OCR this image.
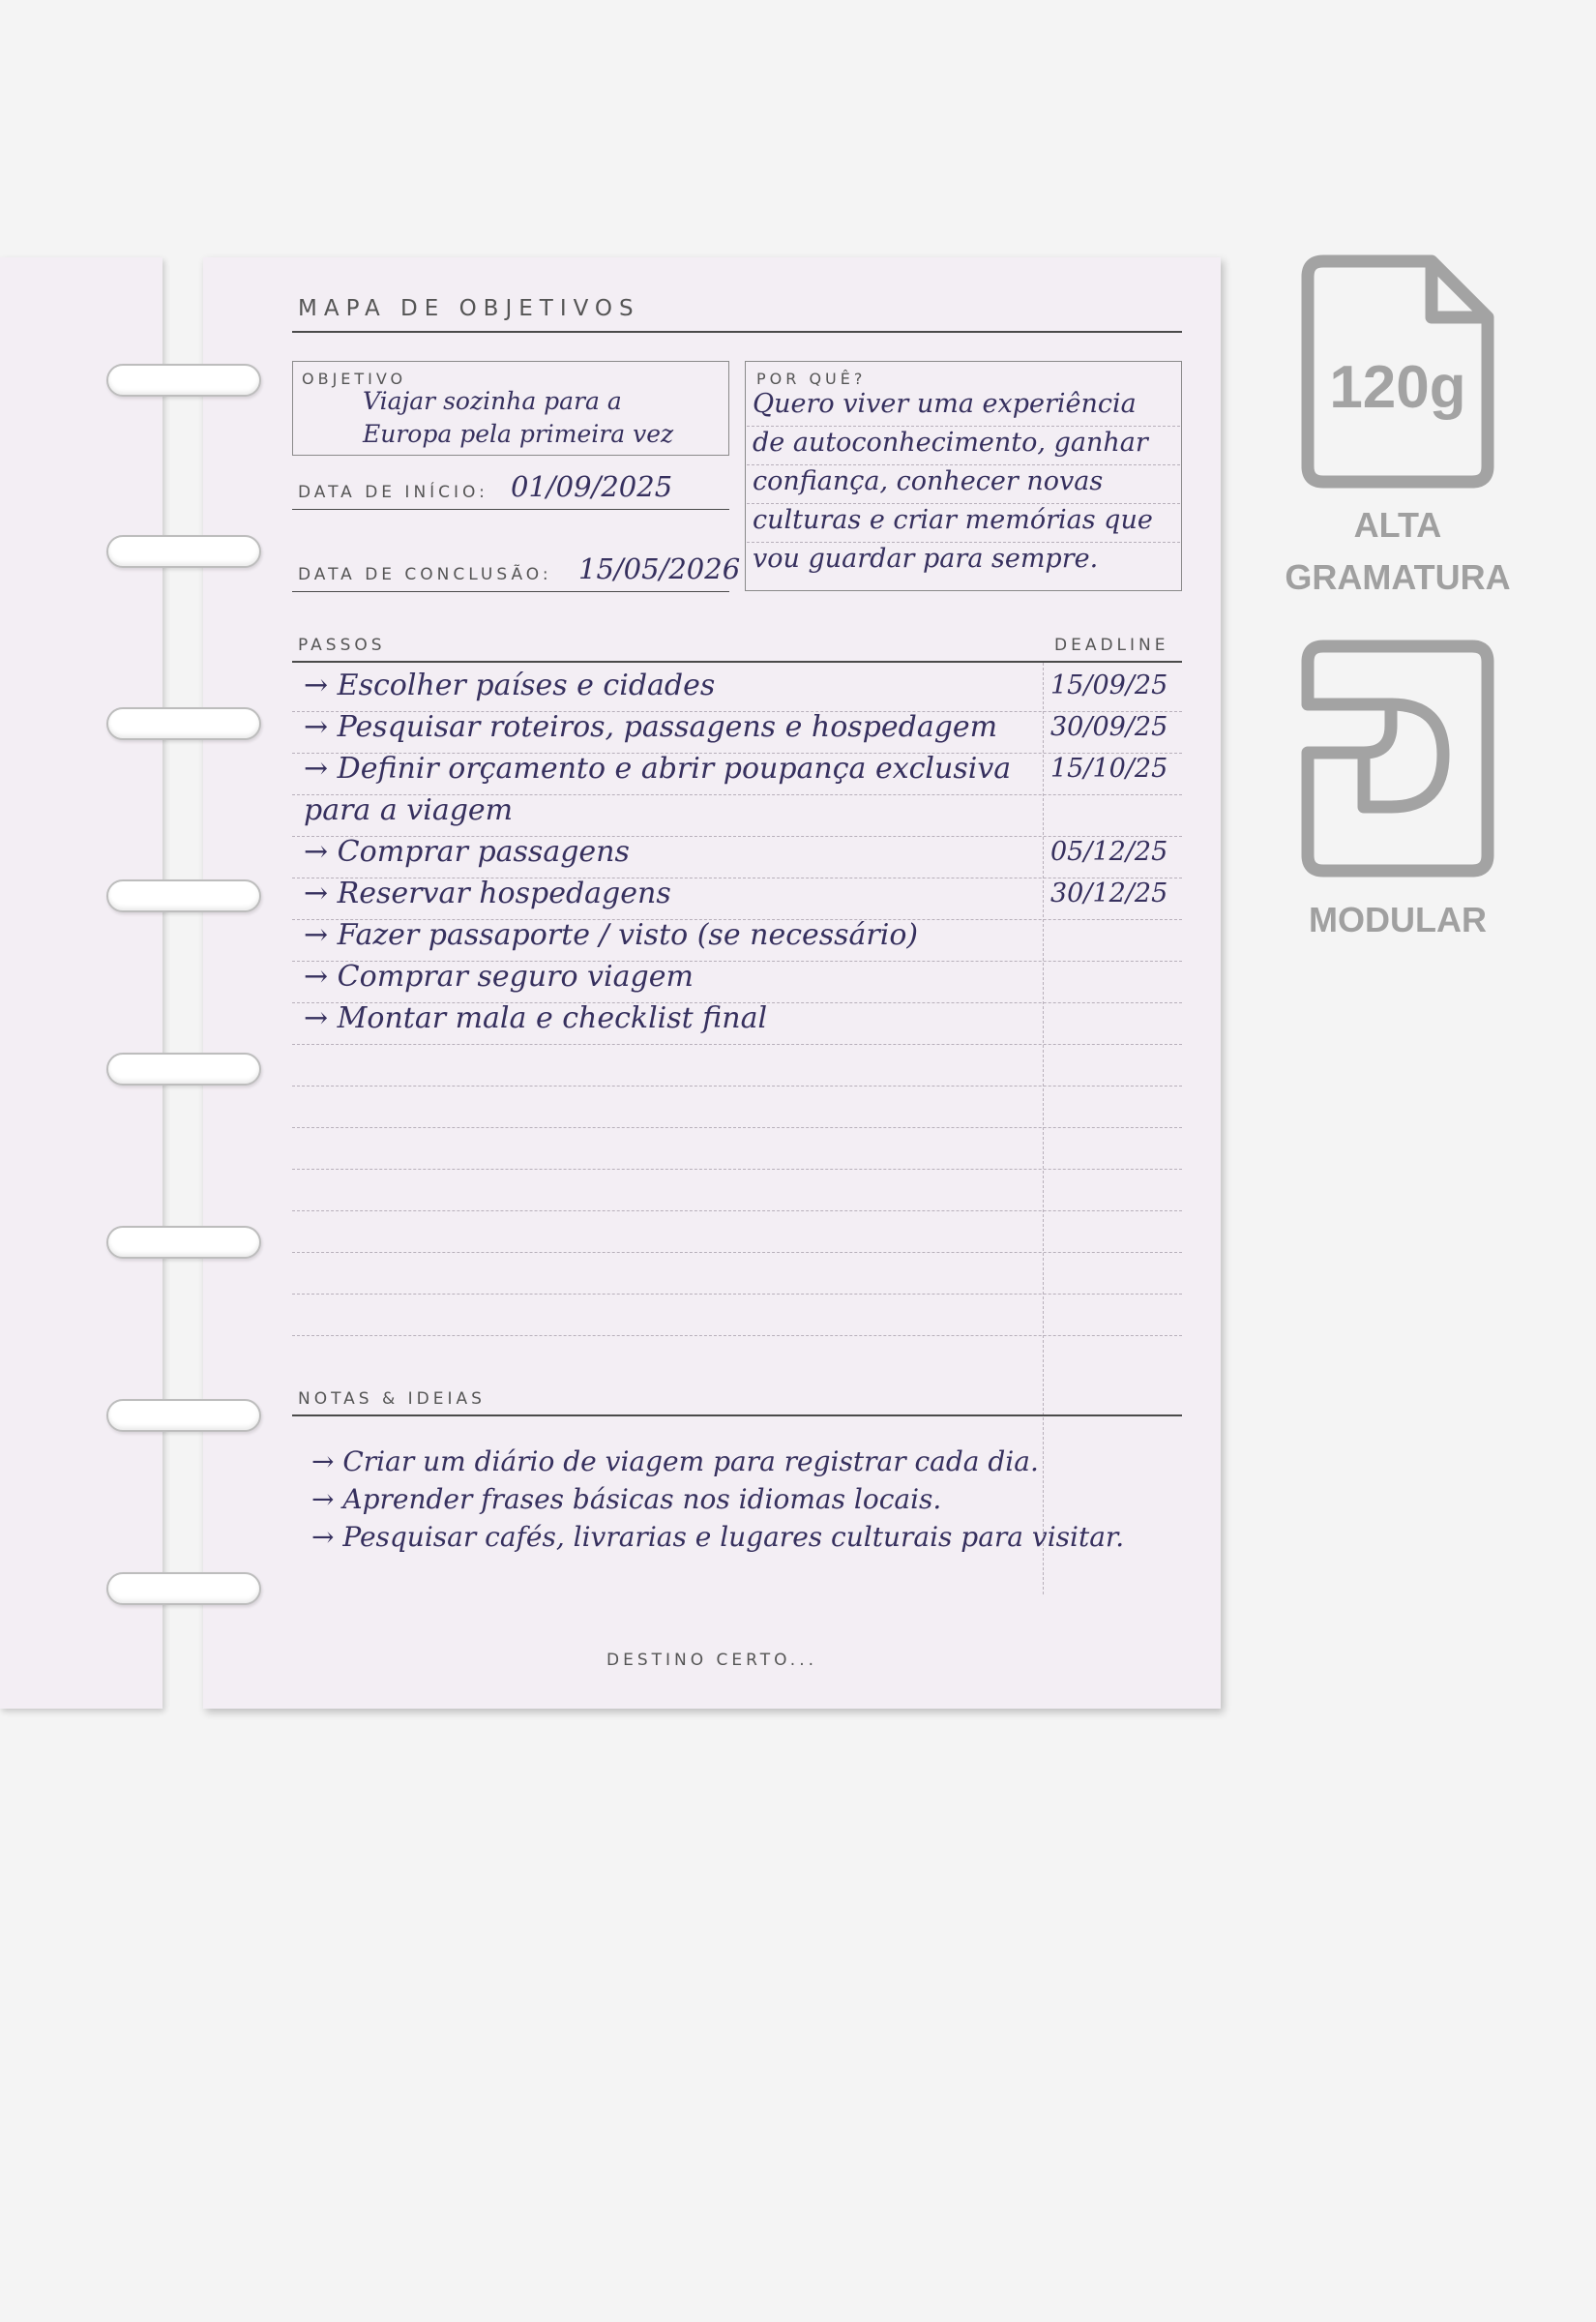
MAPA DE OBJETIVOS
OBJETIVO
Viajar sozinha para a
Europa pela primeira vez
DATA DE INÍCIO: 01/09/2025
DATA DE CONCLUSÃO: 15/05/2026
POR QUÊ?
Quero viver uma experiência
de autoconhecimento, ganhar
confiança, conhecer novas
culturas e criar memórias que
vou guardar para sempre.
PASSOS	DEADLINE
→ Escolher países e cidades	15/09/25
→ Pesquisar roteiros, passagens e hospedagem 30/09/25
→ Definir orçamento e abrir poupança exclusiva 15/10/25
para a viagem
→ Comprar passagens	05/12/25
→ Reservar hospedagens	30/12/25
→ Fazer passaporte / visto (se necessário)
→ Comprar seguro viagem
→ Montar mala e checklist final
NOTAS & IDEIAS
→ Criar um diário de viagem para registrar cada dia.
→ Aprender frases básicas nos idiomas locais.
→ Pesquisar cafés, livrarias e lugares culturais para visitar.
DESTINO CERTO...
120g
ALTA
GRAMATURA
MODULAR
